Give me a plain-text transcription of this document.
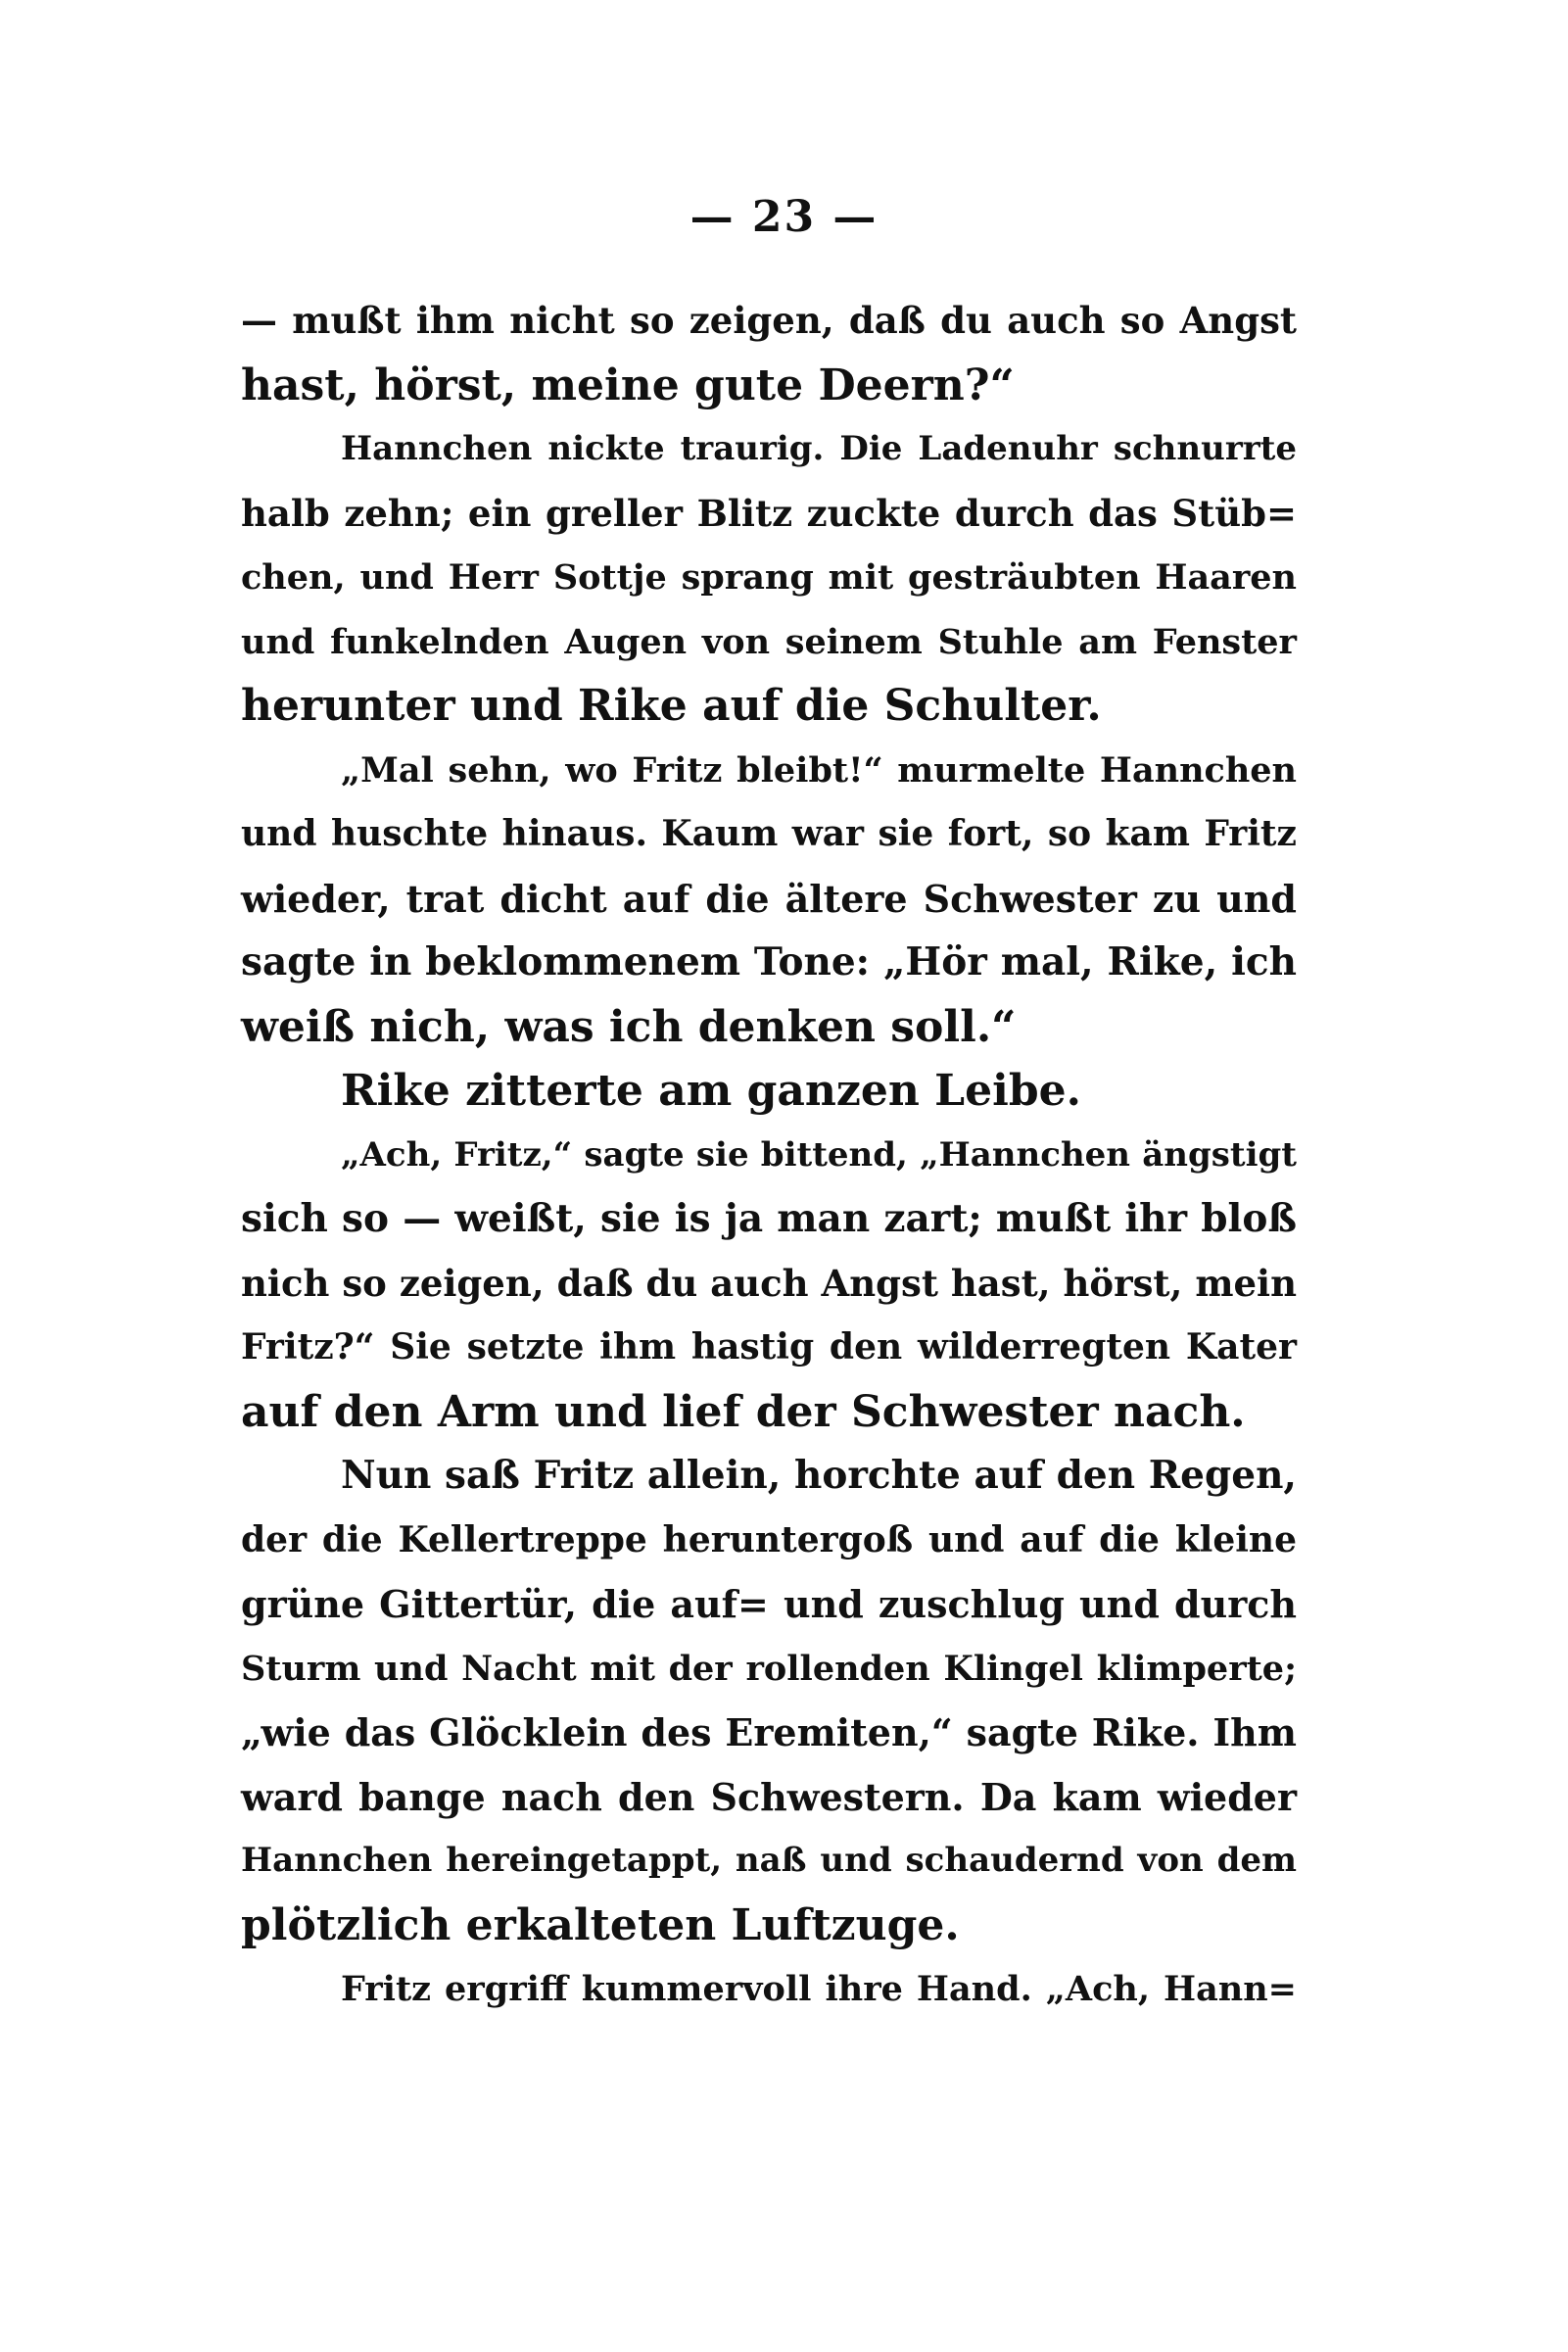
— 23 —
— mußt ihm nicht so zeigen, daß du auch so Angst
hast, hörst, meine gute Deern?“
Hannchen nickte traurig. Die Ladenuhr schnurrte
halb zehn; ein greller Blitz zuckte durch das Stüb=
chen, und Herr Sottje sprang mit gesträubten Haaren
und funkelnden Augen von seinem Stuhle am Fenster
herunter und Rike auf die Schulter.
„Mal sehn, wo Fritz bleibt!“ murmelte Hannchen
und huschte hinaus. Kaum war sie fort, so kam Fritz
wieder, trat dicht auf die ältere Schwester zu und
sagte in beklommenem Tone: „Hör mal, Rike, ich
weiß nich, was ich denken soll.“
Rike zitterte am ganzen Leibe.
„Ach, Fritz,“ sagte sie bittend, „Hannchen ängstigt
sich so — weißt, sie is ja man zart; mußt ihr bloß
nich so zeigen, daß du auch Angst hast, hörst, mein
Fritz?“ Sie setzte ihm hastig den wilderregten Kater
auf den Arm und lief der Schwester nach.
Nun saß Fritz allein, horchte auf den Regen,
der die Kellertreppe heruntergoß und auf die kleine
grüne Gittertür, die auf= und zuschlug und durch
Sturm und Nacht mit der rollenden Klingel klimperte;
„wie das Glöcklein des Eremiten,“ sagte Rike. Ihm
ward bange nach den Schwestern. Da kam wieder
Hannchen hereingetappt, naß und schaudernd von dem
plötzlich erkalteten Luftzuge.
Fritz ergriff kummervoll ihre Hand. „Ach, Hann=
